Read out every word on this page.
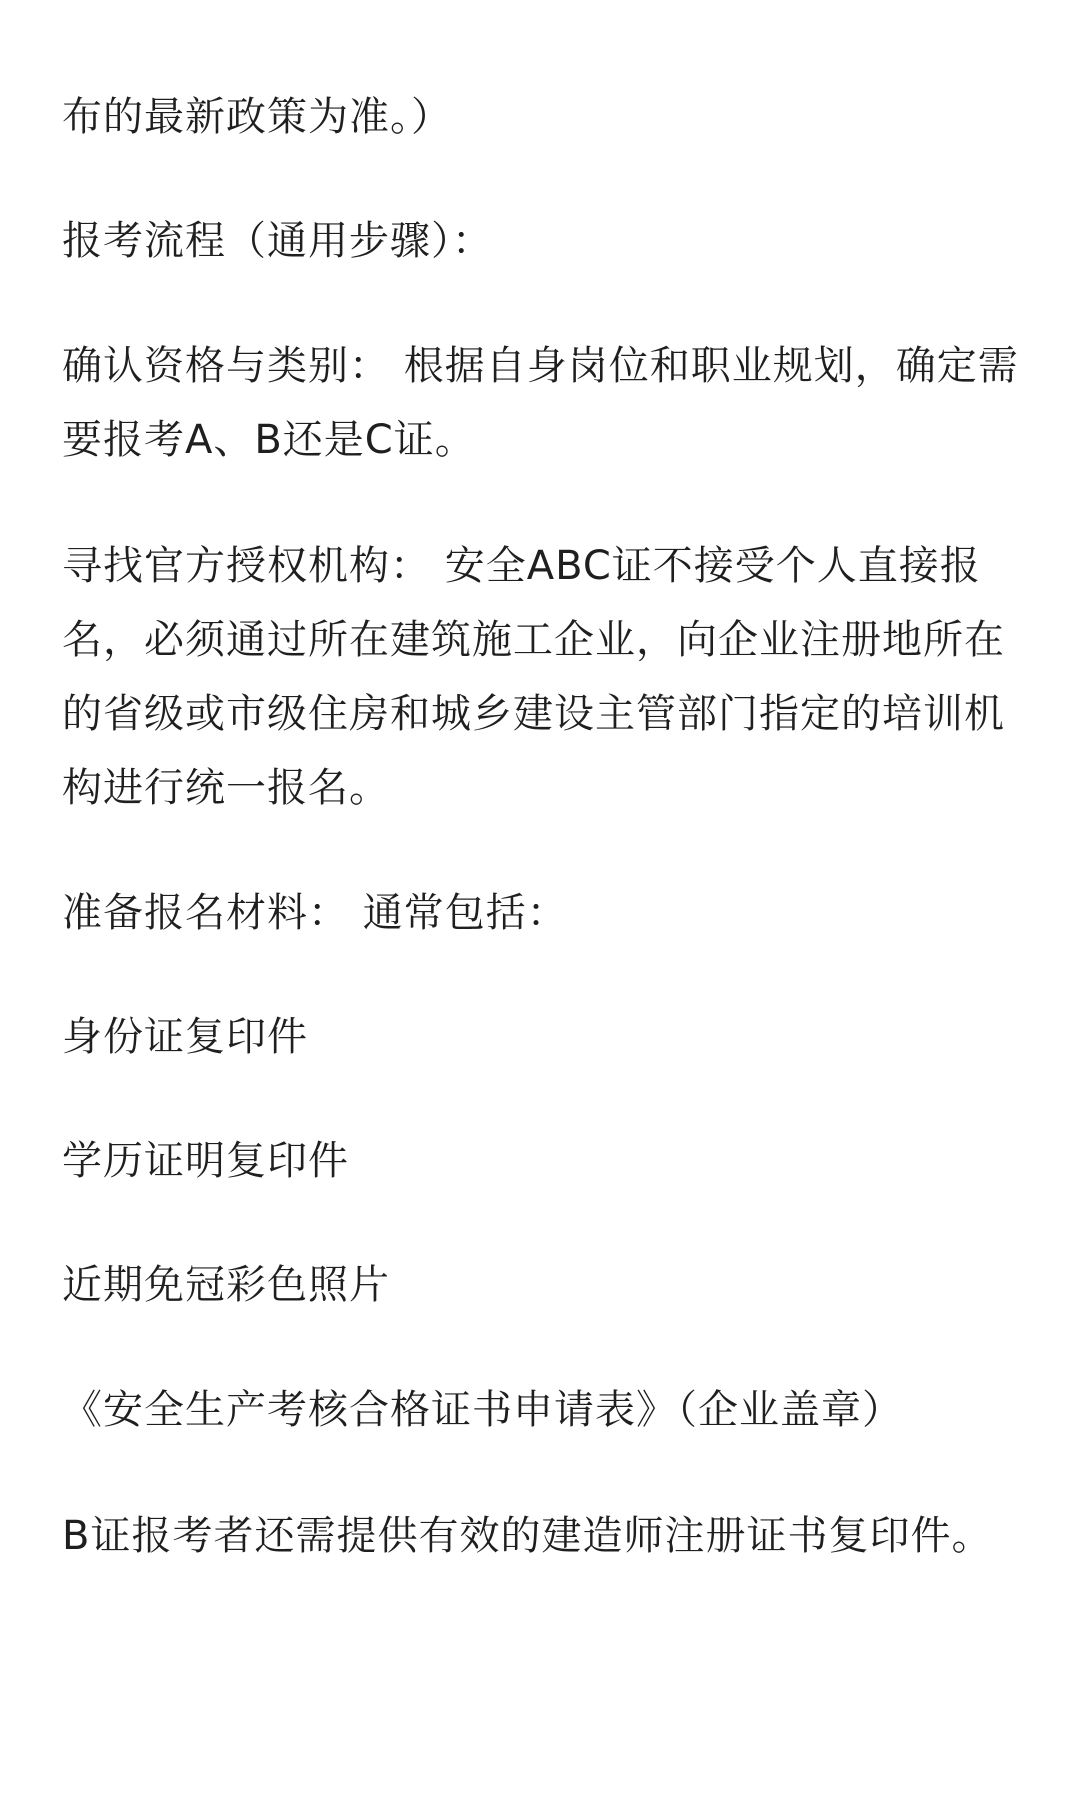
布的最新政策为准。）

报考流程（通用步骤）：

确认资格与类别： 根据自身岗位和职业规划，确定需要报考A、B还是C证。

寻找官方授权机构： 安全ABC证不接受个人直接报名，必须通过所在建筑施工企业，向企业注册地所在的省级或市级住房和城乡建设主管部门指定的培训机构进行统一报名。

准备报名材料： 通常包括：

身份证复印件

学历证明复印件

近期免冠彩色照片

《安全生产考核合格证书申请表》（企业盖章）

B证报考者还需提供有效的建造师注册证书复印件。
